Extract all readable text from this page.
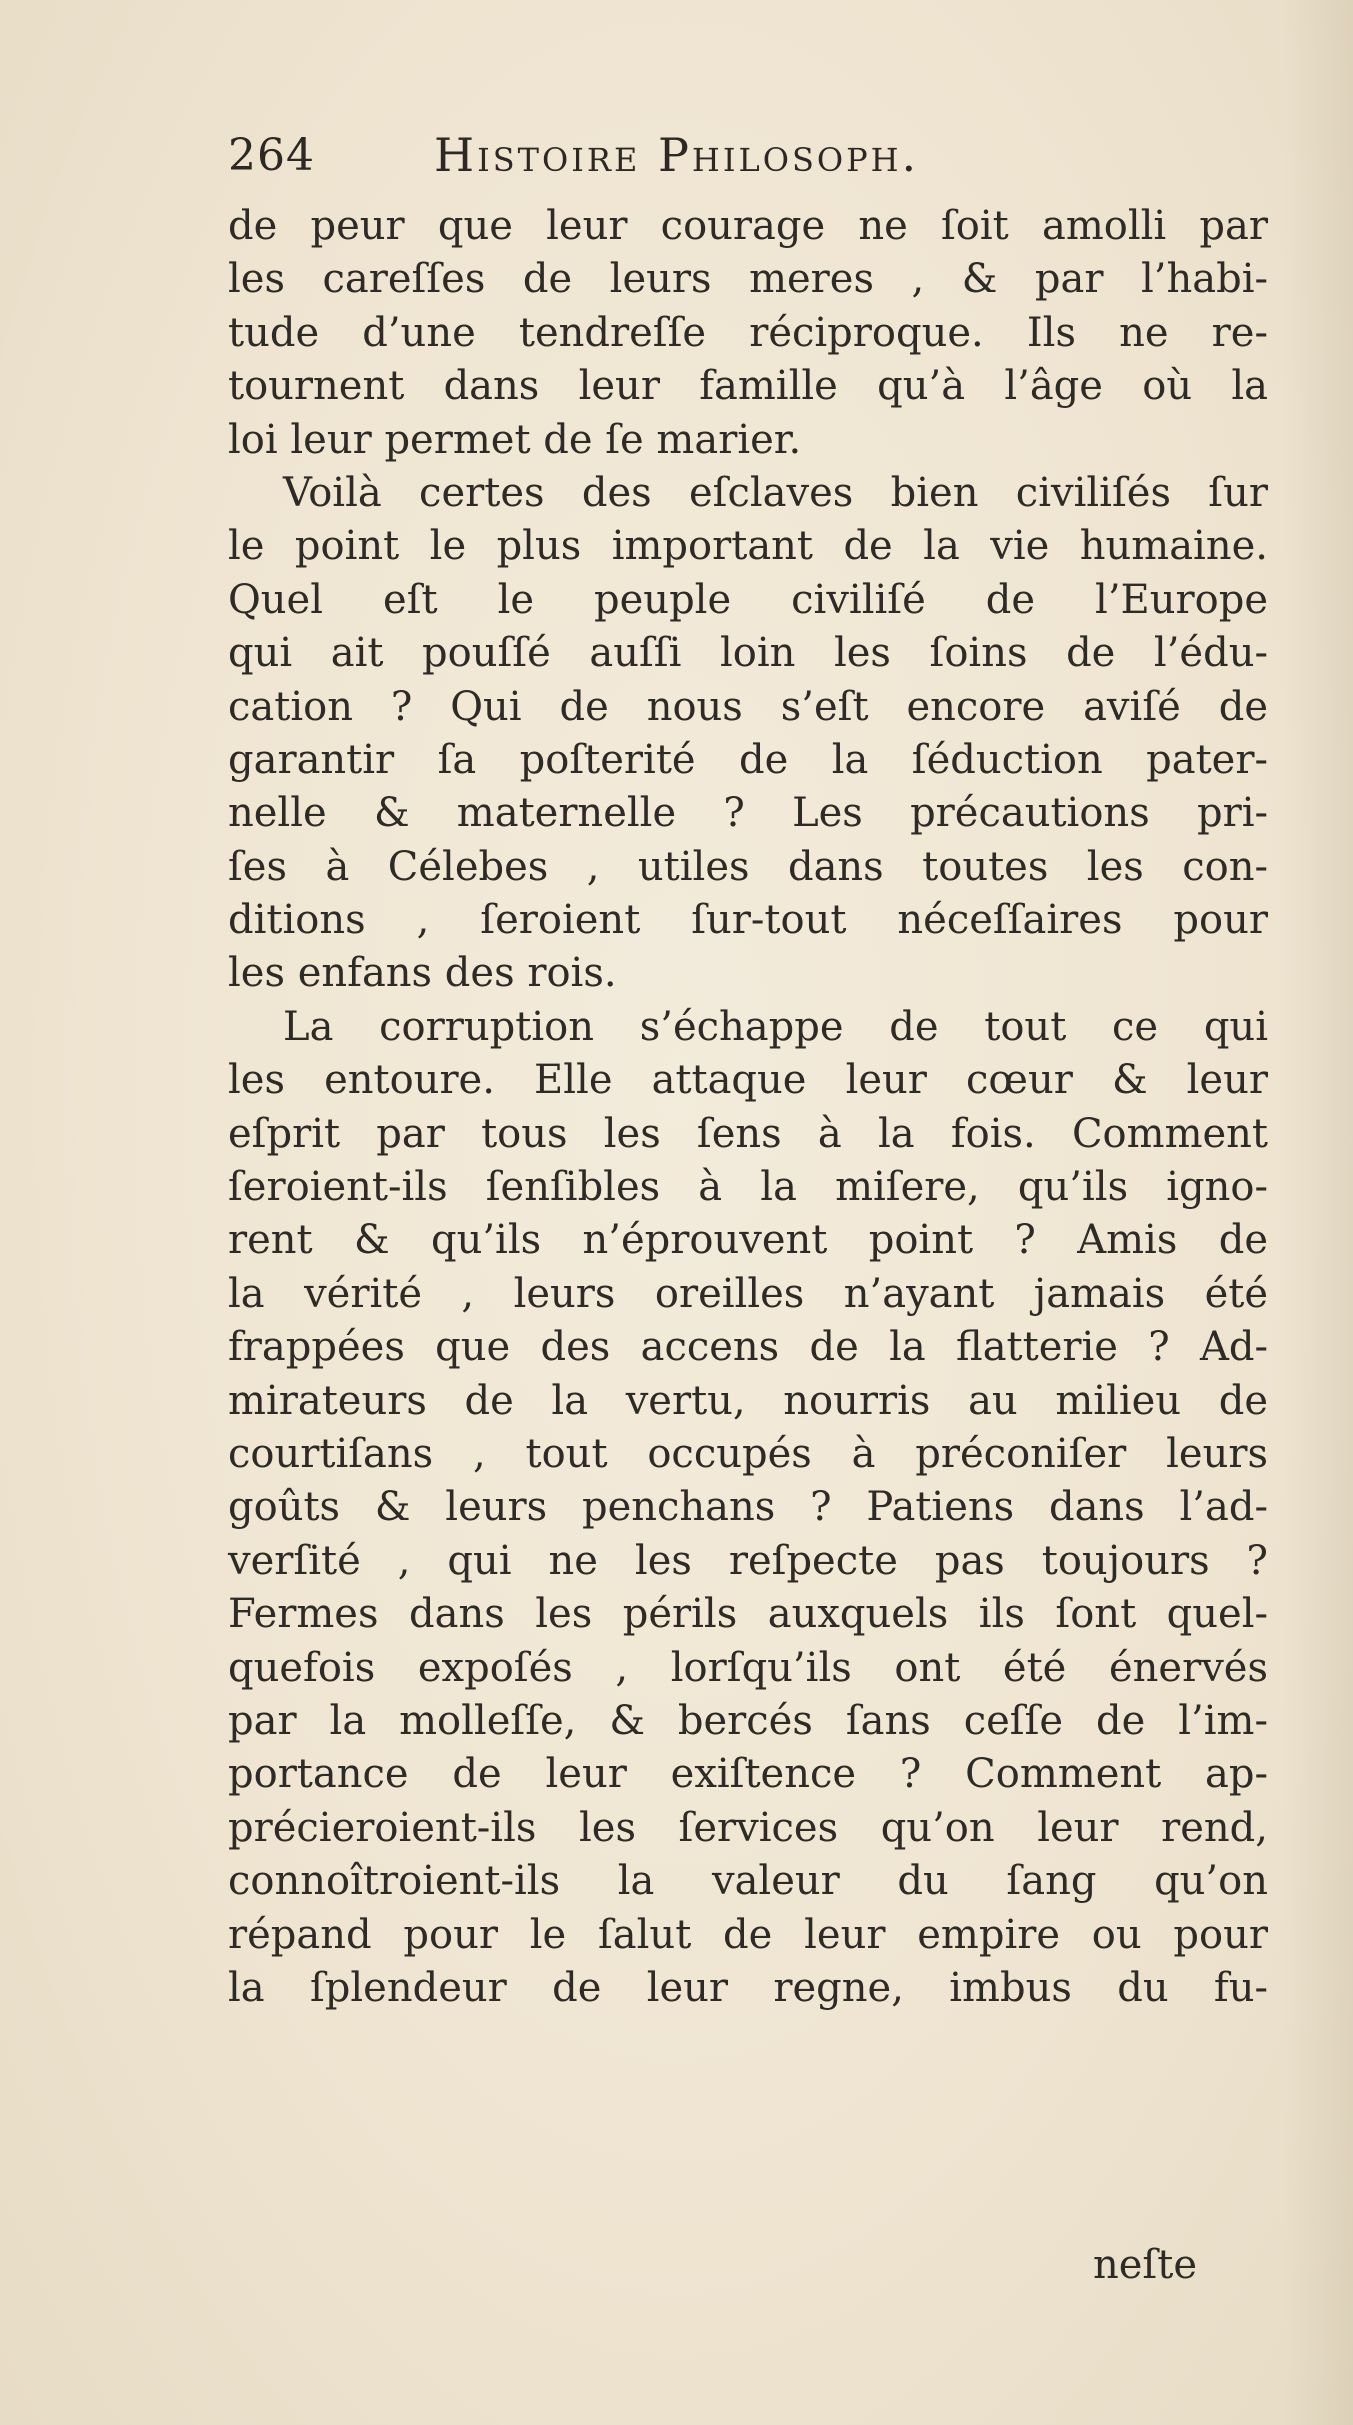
264	Histoire Philosoph.
de peur que leur courage ne ſoit amolli par
les careſſes de leurs meres , & par l’habi-
tude d’une tendreſſe réciproque. Ils ne re-
tournent dans leur famille qu’à l’âge où la
loi leur permet de ſe marier.
Voilà certes des eſclaves bien civiliſés ſur
le point le plus important de la vie humaine.
Quel eſt le peuple civiliſé de l’Europe
qui ait pouſſé auſſi loin les ſoins de l’édu-
cation ? Qui de nous s’eſt encore aviſé de
garantir ſa poſterité de la ſéduction pater-
nelle & maternelle ? Les précautions pri-
ſes à Célebes , utiles dans toutes les con-
ditions , ſeroient ſur-tout néceſſaires pour
les enfans des rois.
La corruption s’échappe de tout ce qui
les entoure. Elle attaque leur cœur & leur
eſprit par tous les ſens à la fois. Comment
ſeroient-ils ſenſibles à la miſere, qu’ils igno-
rent & qu’ils n’éprouvent point ? Amis de
la vérité , leurs oreilles n’ayant jamais été
frappées que des accens de la flatterie ? Ad-
mirateurs de la vertu, nourris au milieu de
courtiſans , tout occupés à préconiſer leurs
goûts & leurs penchans ? Patiens dans l’ad-
verſité , qui ne les reſpecte pas toujours ?
Fermes dans les périls auxquels ils ſont quel-
quefois expoſés , lorſqu’ils ont été énervés
par la molleſſe, & bercés ſans ceſſe de l’im-
portance de leur exiſtence ? Comment ap-
précieroient-ils les ſervices qu’on leur rend,
connoîtroient-ils la valeur du ſang qu’on
répand pour le ſalut de leur empire ou pour
la ſplendeur de leur regne, imbus du fu-
neſte
